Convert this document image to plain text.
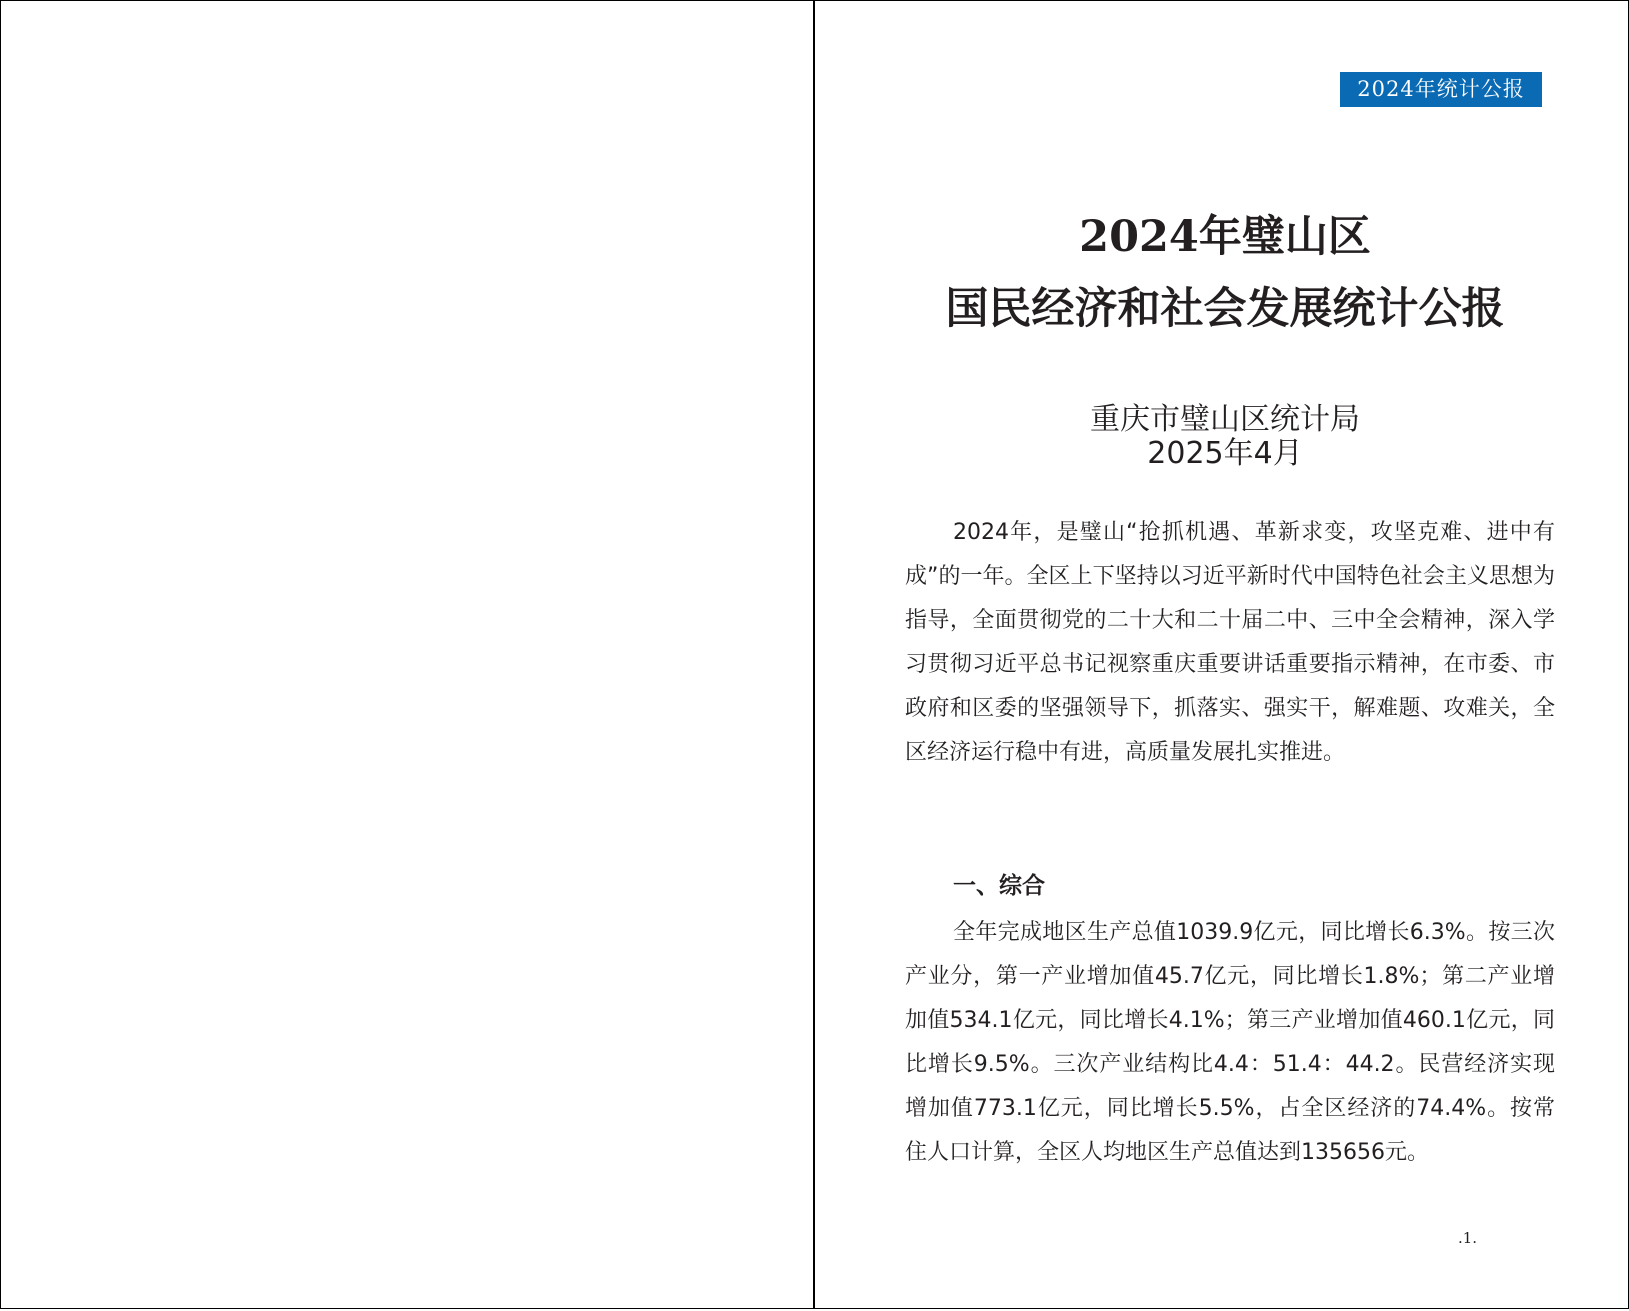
2024年统计公报
2024年璧山区
国民经济和社会发展统计公报
重庆市璧山区统计局
2025年4月

2024年，是璧山“抢抓机遇、革新求变，攻坚克难、进中有成”的一年。全区上下坚持以习近平新时代中国特色社会主义思想为指导，全面贯彻党的二十大和二十届二中、三中全会精神，深入学习贯彻习近平总书记视察重庆重要讲话重要指示精神，在市委、市政府和区委的坚强领导下，抓落实、强实干，解难题、攻难关，全区经济运行稳中有进，高质量发展扎实推进。

一、综合

全年完成地区生产总值1039.9亿元，同比增长6.3%。按三次产业分，第一产业增加值45.7亿元，同比增长1.8%；第二产业增加值534.1亿元，同比增长4.1%；第三产业增加值460.1亿元，同比增长9.5%。三次产业结构比4.4：51.4：44.2。民营经济实现增加值773.1亿元，同比增长5.5%，占全区经济的74.4%。按常住人口计算，全区人均地区生产总值达到135656元。

.1.
